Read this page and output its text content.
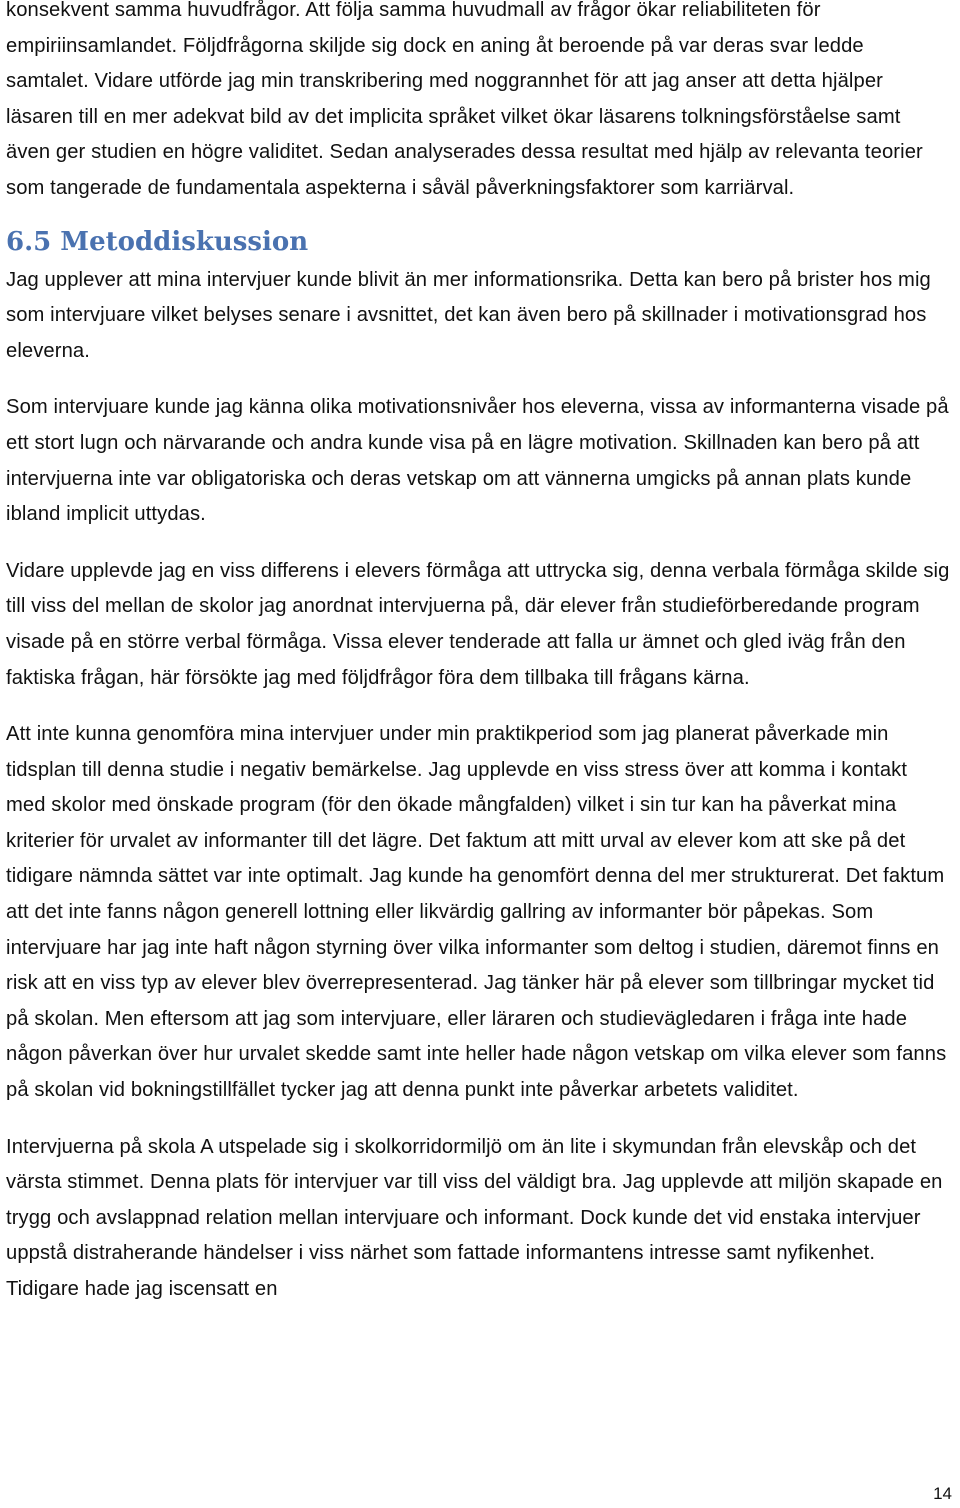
konsekvent samma huvudfrågor. Att följa samma huvudmall av frågor ökar reliabiliteten för empiriinsamlandet. Följdfrågorna skiljde sig dock en aning åt beroende på var deras svar ledde samtalet. Vidare utförde jag min transkribering med noggrannhet för att jag anser att detta hjälper läsaren till en mer adekvat bild av det implicita språket vilket ökar läsarens tolkningsförståelse samt även ger studien en högre validitet. Sedan analyserades dessa resultat med hjälp av relevanta teorier som tangerade de fundamentala aspekterna i såväl påverkningsfaktorer som karriärval.

6.5 Metoddiskussion

Jag upplever att mina intervjuer kunde blivit än mer informationsrika. Detta kan bero på brister hos mig som intervjuare vilket belyses senare i avsnittet, det kan även bero på skillnader i motivationsgrad hos eleverna.

Som intervjuare kunde jag känna olika motivationsnivåer hos eleverna, vissa av informanterna visade på ett stort lugn och närvarande och andra kunde visa på en lägre motivation. Skillnaden kan bero på att intervjuerna inte var obligatoriska och deras vetskap om att vännerna umgicks på annan plats kunde ibland implicit uttydas.

Vidare upplevde jag en viss differens i elevers förmåga att uttrycka sig, denna verbala förmåga skilde sig till viss del mellan de skolor jag anordnat intervjuerna på, där elever från studieförberedande program visade på en större verbal förmåga. Vissa elever tenderade att falla ur ämnet och gled iväg från den faktiska frågan, här försökte jag med följdfrågor föra dem tillbaka till frågans kärna.

Att inte kunna genomföra mina intervjuer under min praktikperiod som jag planerat påverkade min tidsplan till denna studie i negativ bemärkelse. Jag upplevde en viss stress över att komma i kontakt med skolor med önskade program (för den ökade mångfalden) vilket i sin tur kan ha påverkat mina kriterier för urvalet av informanter till det lägre. Det faktum att mitt urval av elever kom att ske på det tidigare nämnda sättet var inte optimalt. Jag kunde ha genomfört denna del mer strukturerat. Det faktum att det inte fanns någon generell lottning eller likvärdig gallring av informanter bör påpekas. Som intervjuare har jag inte haft någon styrning över vilka informanter som deltog i studien, däremot finns en risk att en viss typ av elever blev överrepresenterad. Jag tänker här på elever som tillbringar mycket tid på skolan. Men eftersom att jag som intervjuare, eller läraren och studievägledaren i fråga inte hade någon påverkan över hur urvalet skedde samt inte heller hade någon vetskap om vilka elever som fanns på skolan vid bokningstillfället tycker jag att denna punkt inte påverkar arbetets validitet.

Intervjuerna på skola A utspelade sig i skolkorridormiljö om än lite i skymundan från elevskåp och det värsta stimmet. Denna plats för intervjuer var till viss del väldigt bra. Jag upplevde att miljön skapade en trygg och avslappnad relation mellan intervjuare och informant. Dock kunde det vid enstaka intervjuer uppstå distraherande händelser i viss närhet som fattade informantens intresse samt nyfikenhet. Tidigare hade jag iscensatt en

14
